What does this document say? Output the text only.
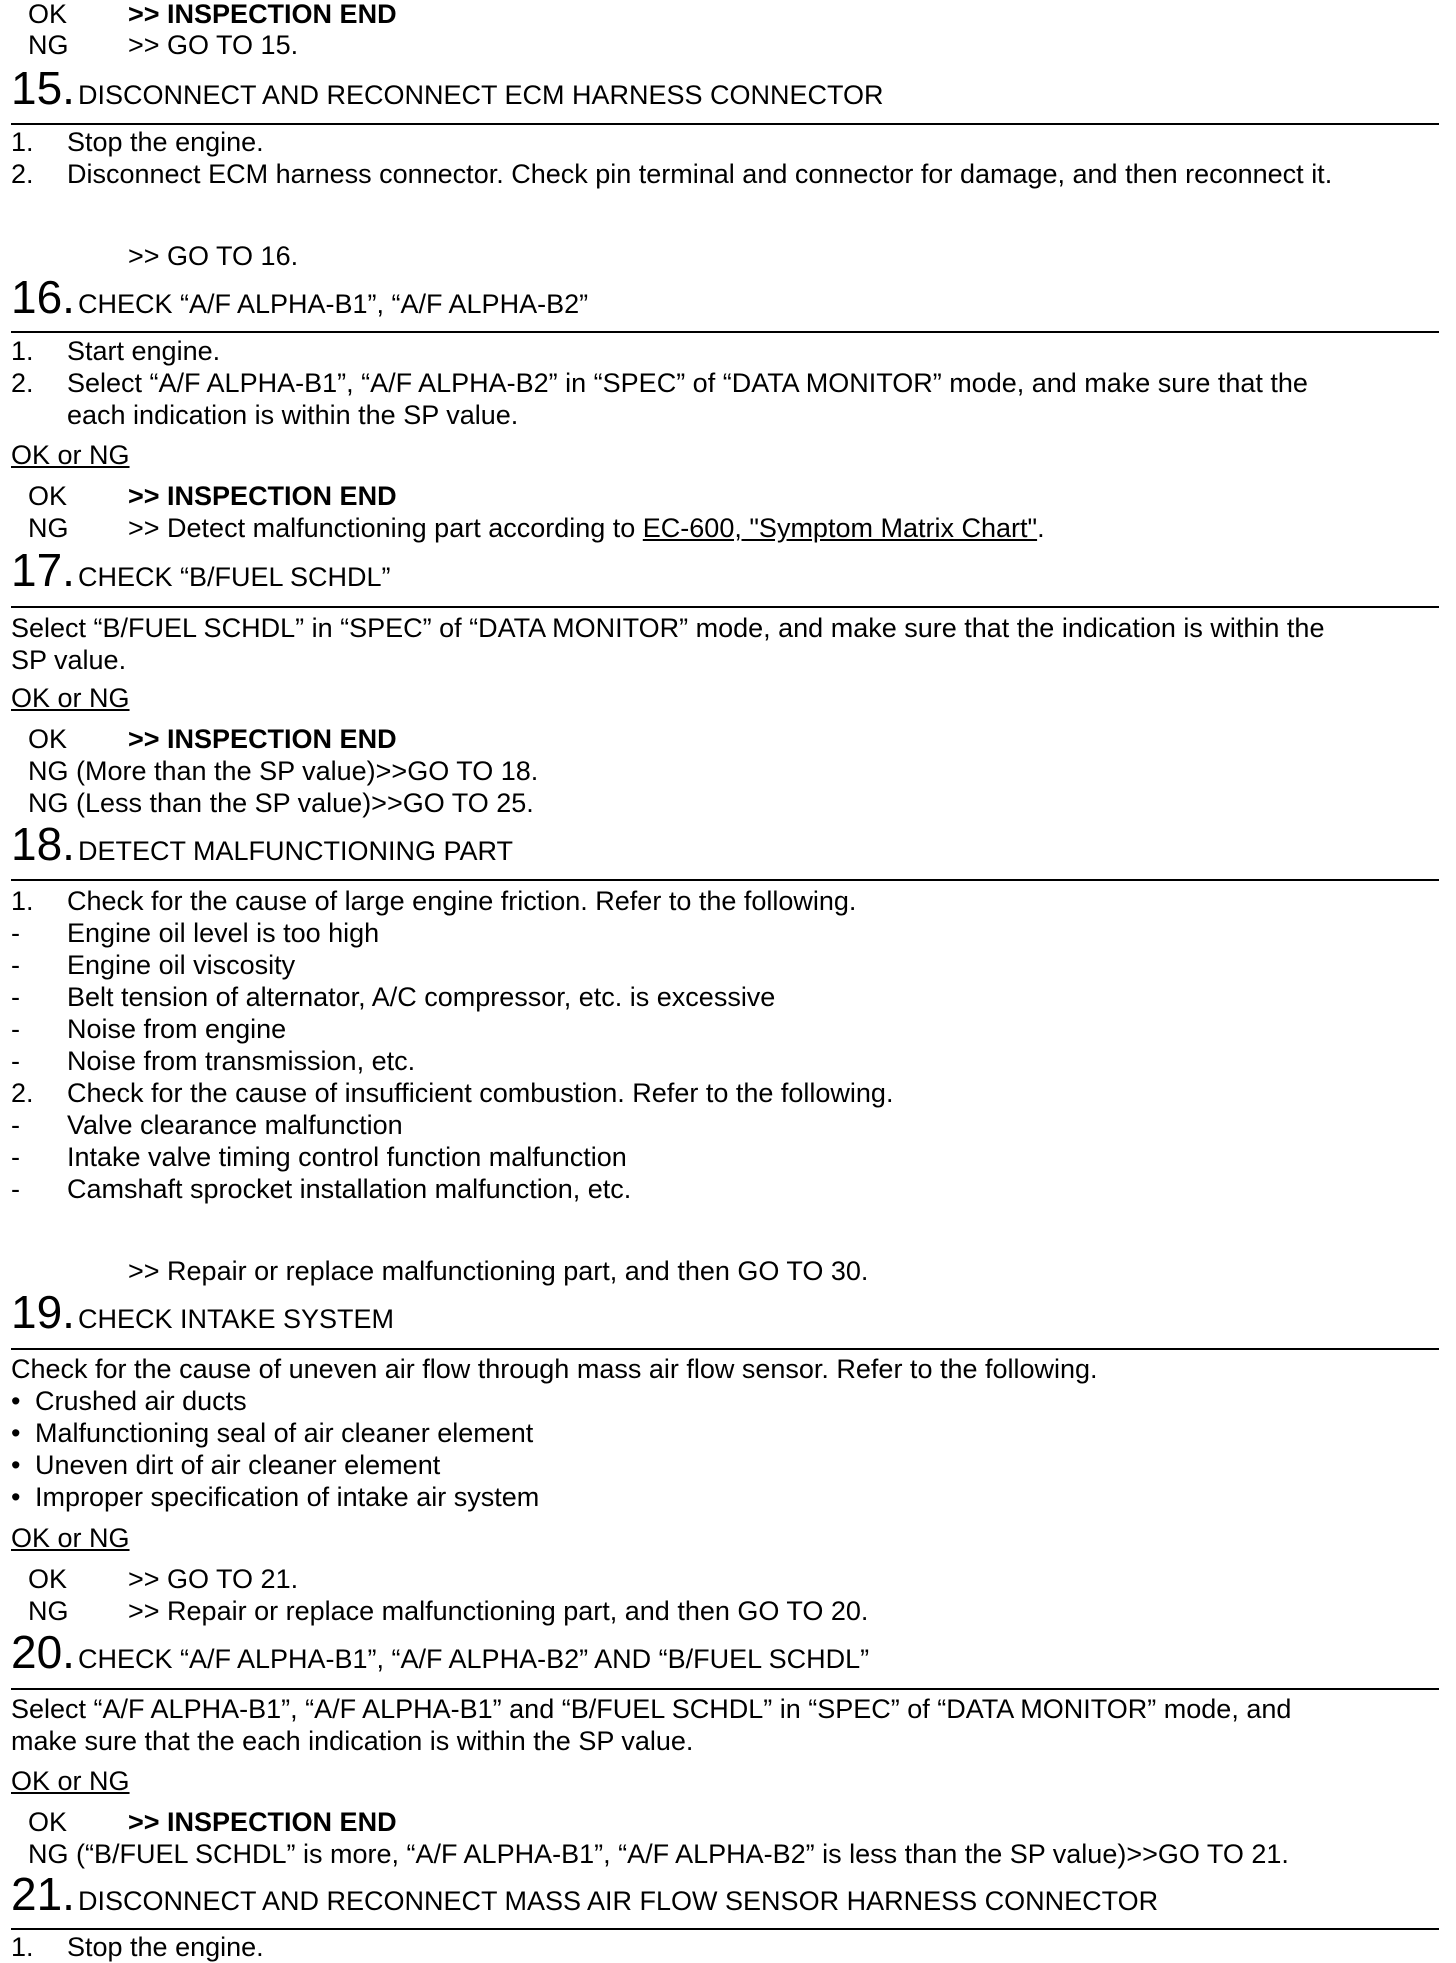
OK >> INSPECTION END
NG >> GO TO 15.
15. DISCONNECT AND RECONNECT ECM HARNESS CONNECTOR
1. Stop the engine.
2. Disconnect ECM harness connector. Check pin terminal and connector for damage, and then reconnect it.
>> GO TO 16.
16. CHECK “A/F ALPHA-B1”, “A/F ALPHA-B2”
1. Start engine.
2. Select “A/F ALPHA-B1”, “A/F ALPHA-B2” in “SPEC” of “DATA MONITOR” mode, and make sure that the
each indication is within the SP value.
OK or NG
OK >> INSPECTION END
NG >> Detect malfunctioning part according to EC-600, "Symptom Matrix Chart".
17. CHECK “B/FUEL SCHDL”
Select “B/FUEL SCHDL” in “SPEC” of “DATA MONITOR” mode, and make sure that the indication is within the
SP value.
OK or NG
OK >> INSPECTION END
NG (More than the SP value)>>GO TO 18.
NG (Less than the SP value)>>GO TO 25.
18. DETECT MALFUNCTIONING PART
1. Check for the cause of large engine friction. Refer to the following.
- Engine oil level is too high
- Engine oil viscosity
- Belt tension of alternator, A/C compressor, etc. is excessive
- Noise from engine
- Noise from transmission, etc.
2. Check for the cause of insufficient combustion. Refer to the following.
- Valve clearance malfunction
- Intake valve timing control function malfunction
- Camshaft sprocket installation malfunction, etc.
>> Repair or replace malfunctioning part, and then GO TO 30.
19. CHECK INTAKE SYSTEM
Check for the cause of uneven air flow through mass air flow sensor. Refer to the following.
• Crushed air ducts
• Malfunctioning seal of air cleaner element
• Uneven dirt of air cleaner element
• Improper specification of intake air system
OK or NG
OK >> GO TO 21.
NG >> Repair or replace malfunctioning part, and then GO TO 20.
20. CHECK “A/F ALPHA-B1”, “A/F ALPHA-B2” AND “B/FUEL SCHDL”
Select “A/F ALPHA-B1”, “A/F ALPHA-B1” and “B/FUEL SCHDL” in “SPEC” of “DATA MONITOR” mode, and
make sure that the each indication is within the SP value.
OK or NG
OK >> INSPECTION END
NG (“B/FUEL SCHDL” is more, “A/F ALPHA-B1”, “A/F ALPHA-B2” is less than the SP value)>>GO TO 21.
21. DISCONNECT AND RECONNECT MASS AIR FLOW SENSOR HARNESS CONNECTOR
1. Stop the engine.
